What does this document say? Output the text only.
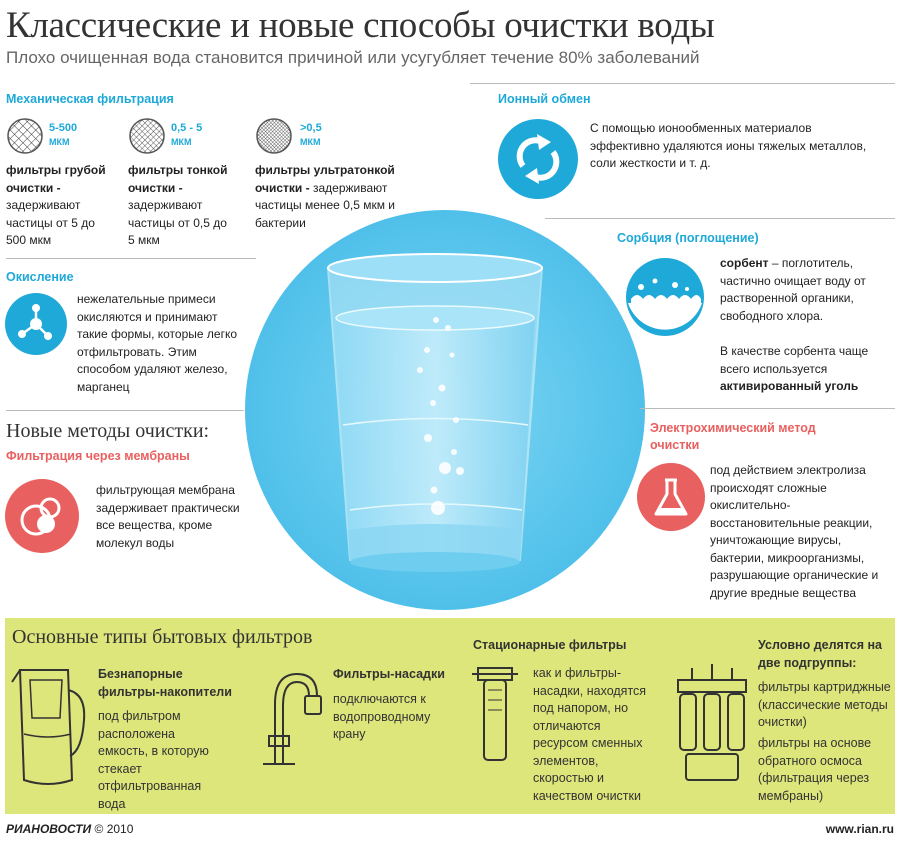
Классические и новые способы очистки воды
Плохо очищенная вода становится причиной или усугубляет течение 80% заболеваний
Механическая фильтрация
5-500
МКМ
фильтры грубой очистки - задерживают частицы от 5 до 500 мкм
0,5 - 5
МКМ
фильтры тонкой очистки - задерживают частицы от 0,5 до 5 мкм
>0,5
МКМ
фильтры ультратонкой очистки - задерживают частицы менее 0,5 мкм и бактерии
Окисление
нежелательные примеси окисляются и принимают такие формы, которые легко отфильтровать. Этим способом удаляют железо, марганец
Новые методы очистки:
Фильтрация через мембраны
фильтрующая мембрана задерживает практически все вещества, кроме молекул воды
Ионный обмен
С помощью ионообменных материалов эффективно удаляются ионы тяжелых металлов, соли жесткости и т. д.
Сорбция (поглощение)
сорбент – поглотитель, частично очищает воду от растворенной органики, свободного хлора.
В качестве сорбента чаще всего используется активированный уголь
Электрохимический метод очистки
под действием электролиза происходят сложные окислительно-восстановительные реакции, уничтожающие вирусы, бактерии, микроорганизмы, разрушающие органические и другие вредные вещества
Основные типы бытовых фильтров
Безнапорные фильтры-накопители
под фильтром расположена емкость, в которую стекает отфильтрованная вода
Фильтры-насадки
подключаются к водопроводному крану
Стационарные фильтры
как и фильтры-насадки, находятся под напором, но отличаются ресурсом сменных элементов, скоростью и качеством очистки
Условно делятся на две подгруппы:
фильтры картриджные (классические методы очистки)
фильтры на основе обратного осмоса (фильтрация через мембраны)
РИАНОВОСТИ © 2010	www.rian.ru
